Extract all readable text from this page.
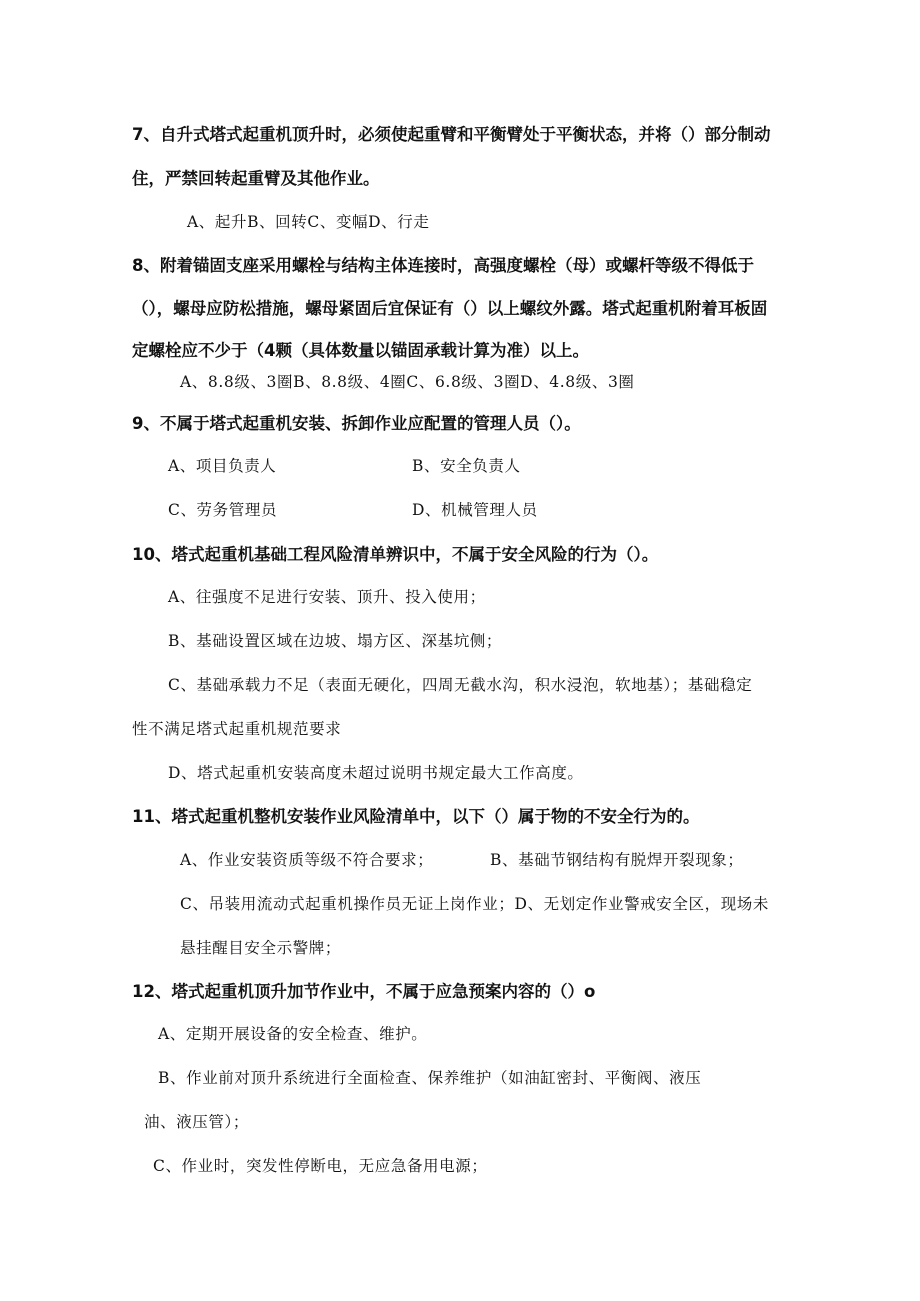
7、自升式塔式起重机顶升时，必须使起重臂和平衡臂处于平衡状态，并将（）部分制动
住，严禁回转起重臂及其他作业。
A、起升B、回转C、变幅D、行走
8、附着锚固支座采用螺栓与结构主体连接时，高强度螺栓（母）或螺杆等级不得低于
（），螺母应防松措施，螺母紧固后宜保证有（）以上螺纹外露。塔式起重机附着耳板固
定螺栓应不少于（4颗（具体数量以锚固承载计算为准）以上。
A、8.8级、3圈B、8.8级、4圈C、6.8级、3圈D、4.8级、3圈
9、不属于塔式起重机安装、拆卸作业应配置的管理人员（）。
A、项目负责人	B、安全负责人
C、劳务管理员	D、机械管理人员
10、塔式起重机基础工程风险清单辨识中，不属于安全风险的行为（）。
A、往强度不足进行安装、顶升、投入使用；
B、基础设置区域在边坡、塌方区、深基坑侧；
C、基础承载力不足（表面无硬化，四周无截水沟，积水浸泡，软地基）；基础稳定
性不满足塔式起重机规范要求
D、塔式起重机安装高度未超过说明书规定最大工作高度。
11、塔式起重机整机安装作业风险清单中，以下（）属于物的不安全行为的。
A、作业安装资质等级不符合要求；	B、基础节钢结构有脱焊开裂现象；
C、吊装用流动式起重机操作员无证上岗作业；D、无划定作业警戒安全区，现场未
悬挂醒目安全示警牌；
12、塔式起重机顶升加节作业中，不属于应急预案内容的（）o
A、定期开展设备的安全检查、维护。
B、作业前对顶升系统进行全面检查、保养维护（如油缸密封、平衡阀、液压
油、液压管）；
C、作业时，突发性停断电，无应急备用电源；
